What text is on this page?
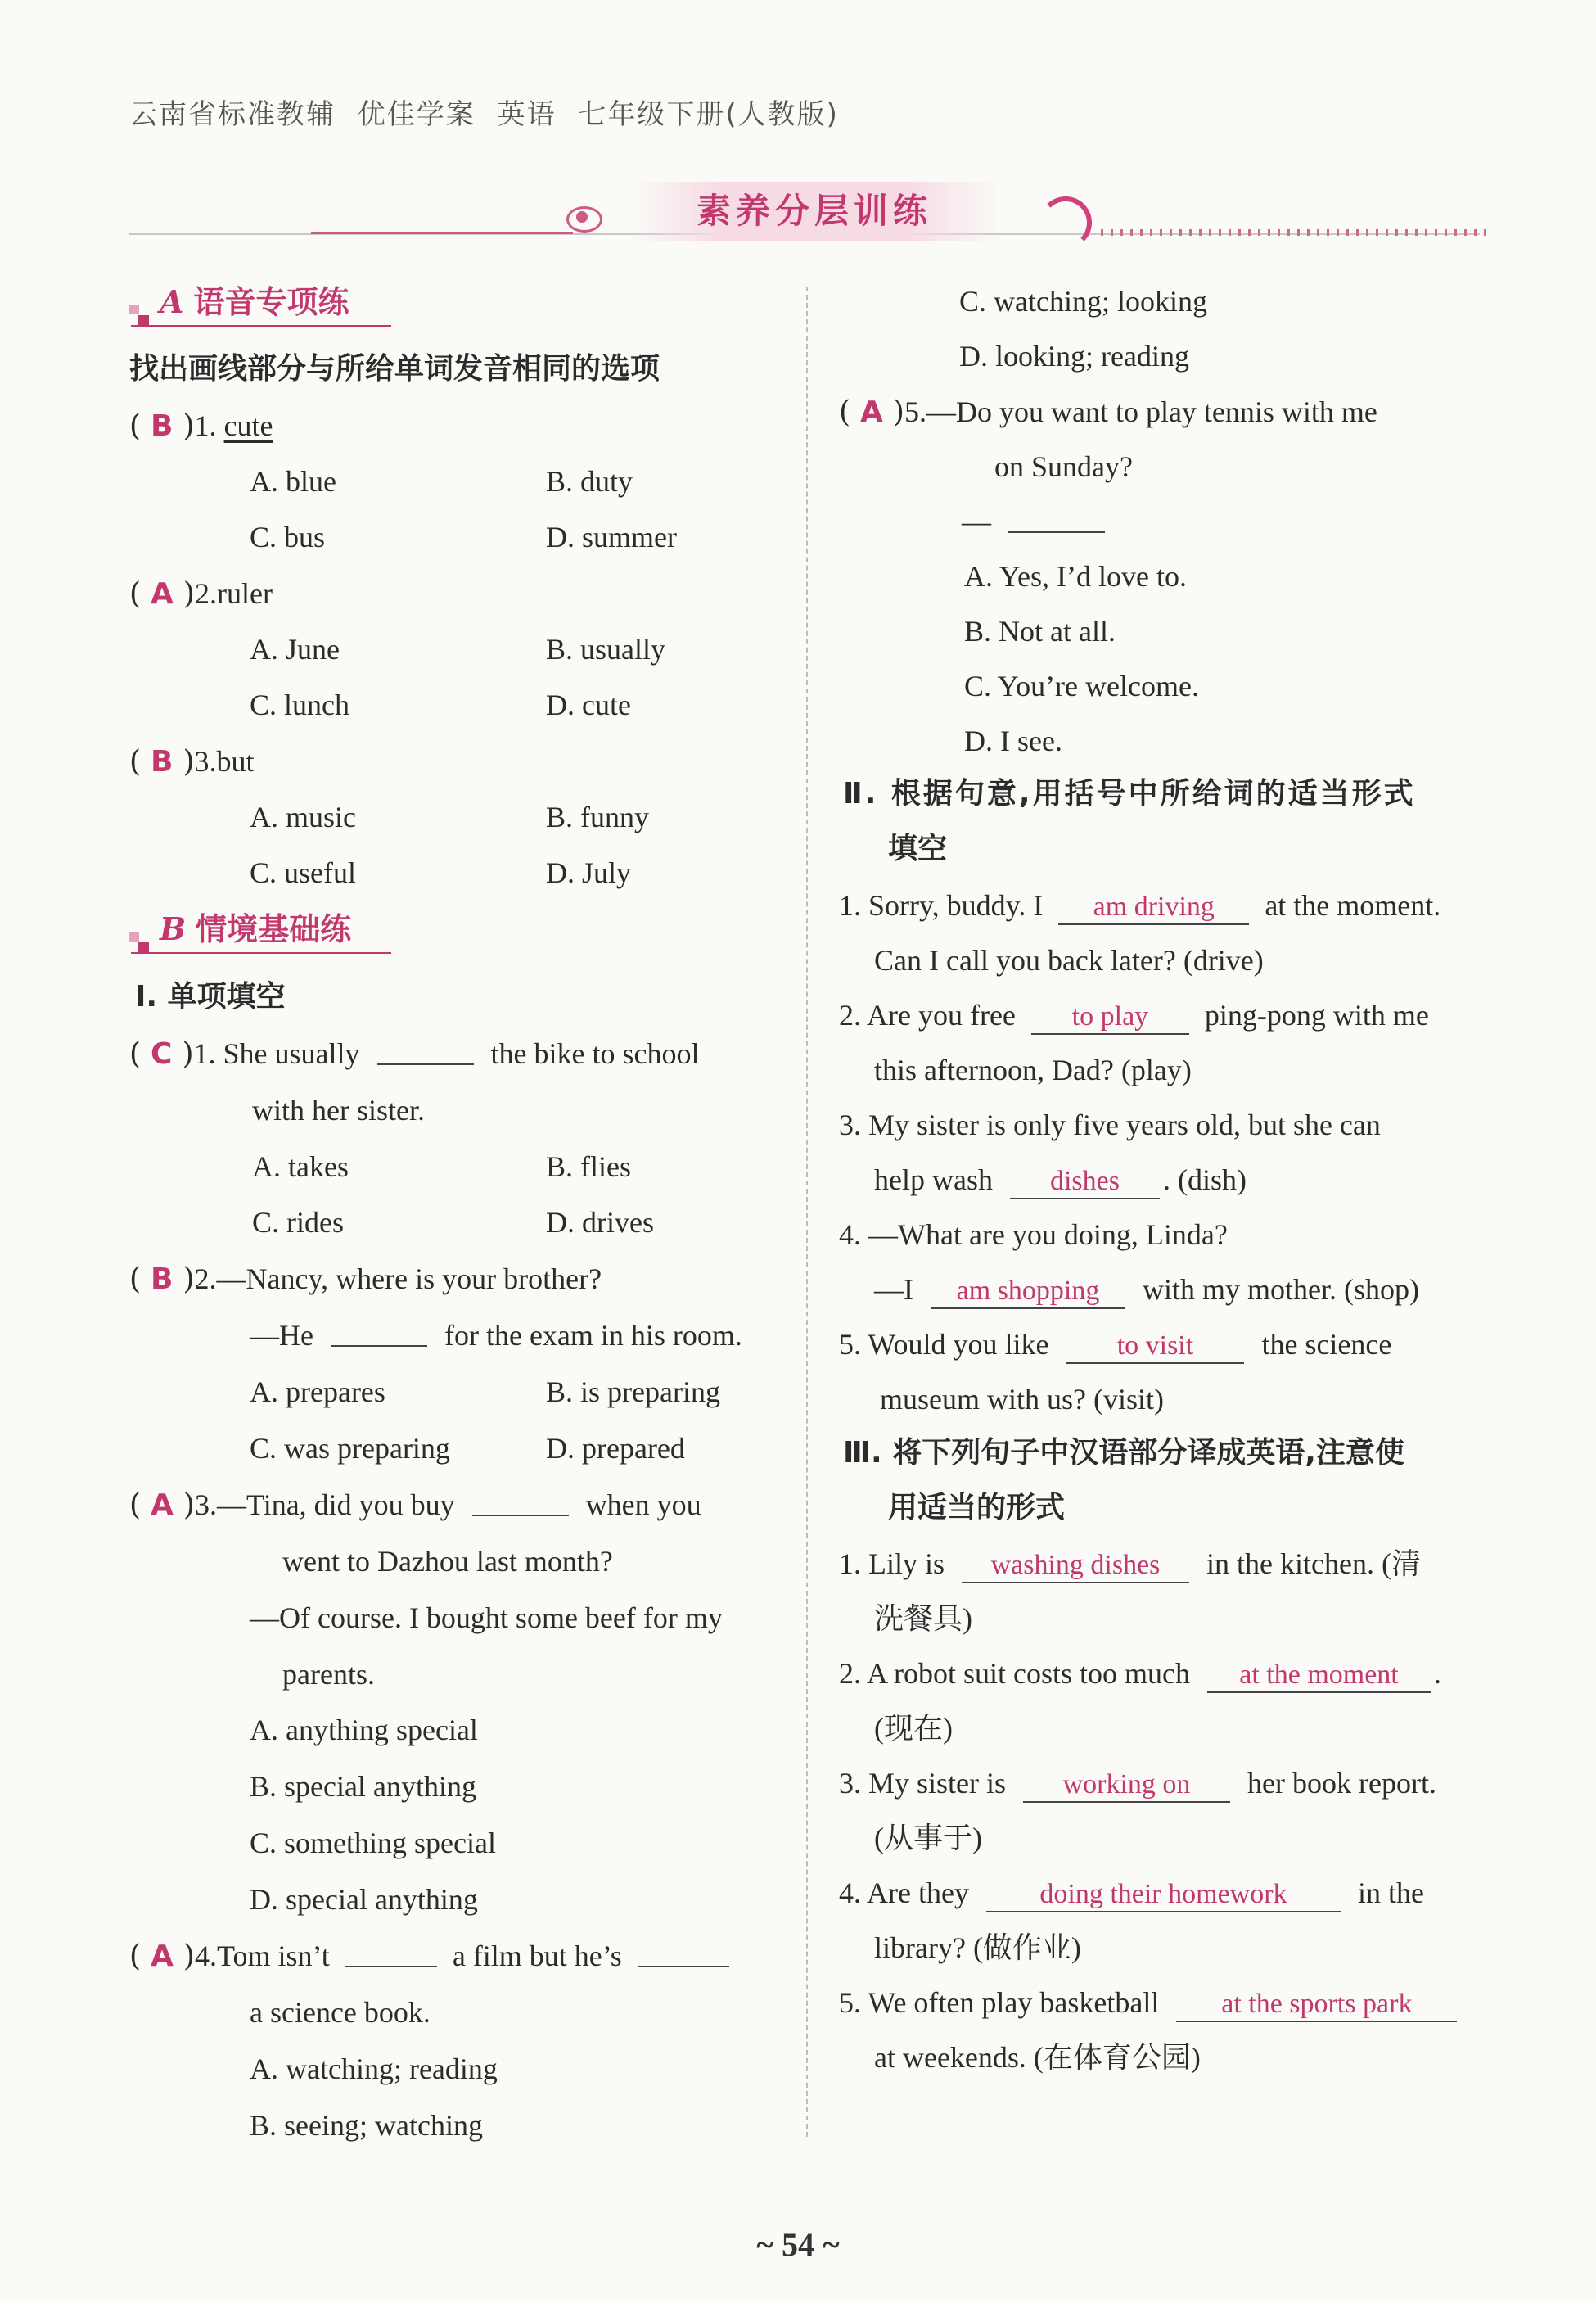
云南省标准教辅 优佳学案 英语 七年级下册(人教版)
素养分层训练
A 语音专项练
找出画线部分与所给单词发音相同的选项
( B )1. cute
A. blue	B. duty
C. bus	D. summer
( A )2.ruler
A. June	B. usually
C. lunch	D. cute
( B )3.but
A. music	B. funny
C. useful	D. July
B 情境基础练
Ⅰ. 单项填空
( C )1. She usually	the bike to school
with her sister.
A. takes	B. flies
C. rides	D. drives
( B )2.—Nancy, where is your brother?
—He	for the exam in his room.
A. prepares	B. is preparing
C. was preparing	D. prepared
( A )3.—Tina, did you buy	when you
went to Dazhou last month?
—Of course. I bought some beef for my
parents.
A. anything special
B. special anything
C. something special
D. special anything
( A )4.Tom isn’t	a film but he’s
a science book.
A. watching; reading
B. seeing; watching
C. watching; looking
D. looking; reading
( A )5.—Do you want to play tennis with me
on Sunday?
—
A. Yes, I’d love to.
B. Not at all.
C. You’re welcome.
D. I see.
Ⅱ. 根据句意,用括号中所给词的适当形式
填空
1. Sorry, buddy. I am driving at the moment.
Can I call you back later? (drive)
2. Are you free to play ping-pong with me
this afternoon, Dad? (play)
3. My sister is only five years old, but she can
help wash dishes . (dish)
4. —What are you doing, Linda?
—I am shopping with my mother. (shop)
5. Would you like to visit the science
museum with us? (visit)
Ⅲ. 将下列句子中汉语部分译成英语,注意使
用适当的形式
1. Lily is washing dishes in the kitchen. (清
洗餐具)
2. A robot suit costs too much at the moment .
(现在)
3. My sister is working on her book report.
(从事于)
4. Are they	doing their homework in the
library? (做作业)
5. We often play basketball at the sports park
at weekends. (在体育公园)
~ 54 ~
